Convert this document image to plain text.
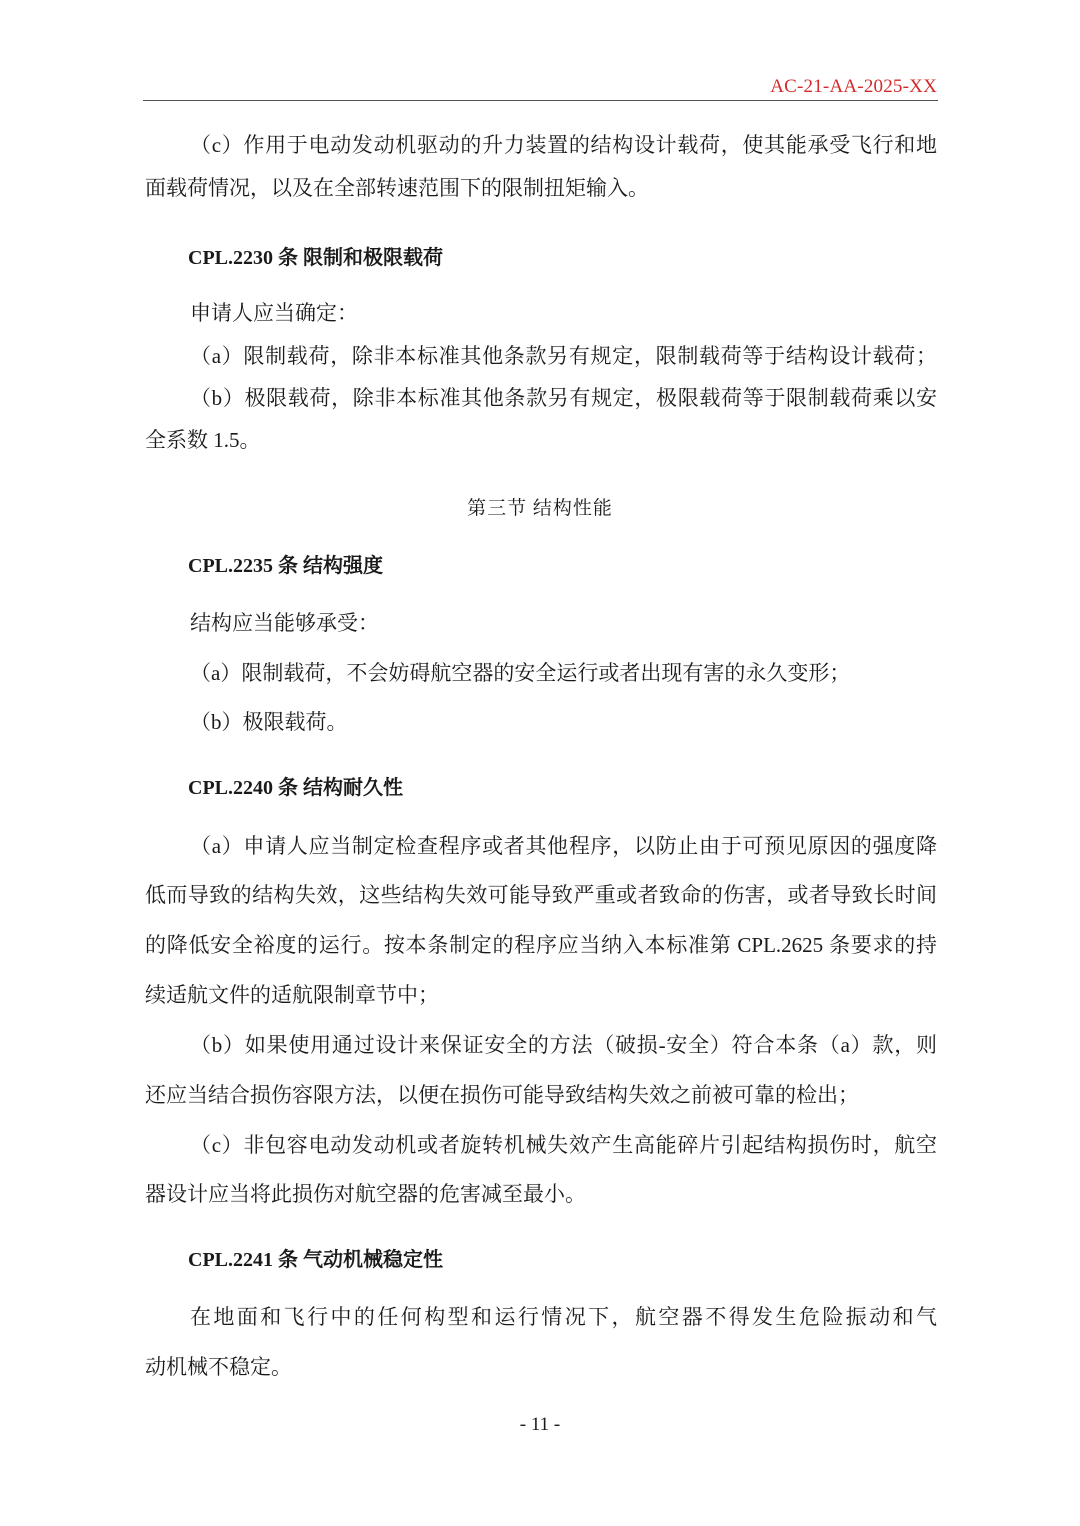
AC-21-AA-2025-XX
（c）作用于电动发动机驱动的升力装置的结构设计载荷，使其能承受飞行和地
面载荷情况，以及在全部转速范围下的限制扭矩输入。
CPL.2230 条 限制和极限载荷
申请人应当确定：
（a）限制载荷，除非本标准其他条款另有规定，限制载荷等于结构设计载荷；
（b）极限载荷，除非本标准其他条款另有规定，极限载荷等于限制载荷乘以安
全系数 1.5。
第三节 结构性能
CPL.2235 条 结构强度
结构应当能够承受：
（a）限制载荷，不会妨碍航空器的安全运行或者出现有害的永久变形；
（b）极限载荷。
CPL.2240 条 结构耐久性
（a）申请人应当制定检查程序或者其他程序，以防止由于可预见原因的强度降
低而导致的结构失效，这些结构失效可能导致严重或者致命的伤害，或者导致长时间
的降低安全裕度的运行。按本条制定的程序应当纳入本标准第 CPL.2625 条要求的持
续适航文件的适航限制章节中；
（b）如果使用通过设计来保证安全的方法（破损-安全）符合本条（a）款，则
还应当结合损伤容限方法，以便在损伤可能导致结构失效之前被可靠的检出；
（c）非包容电动发动机或者旋转机械失效产生高能碎片引起结构损伤时，航空
器设计应当将此损伤对航空器的危害减至最小。
CPL.2241 条 气动机械稳定性
在地面和飞行中的任何构型和运行情况下，航空器不得发生危险振动和气
动机械不稳定。
- 11 -
